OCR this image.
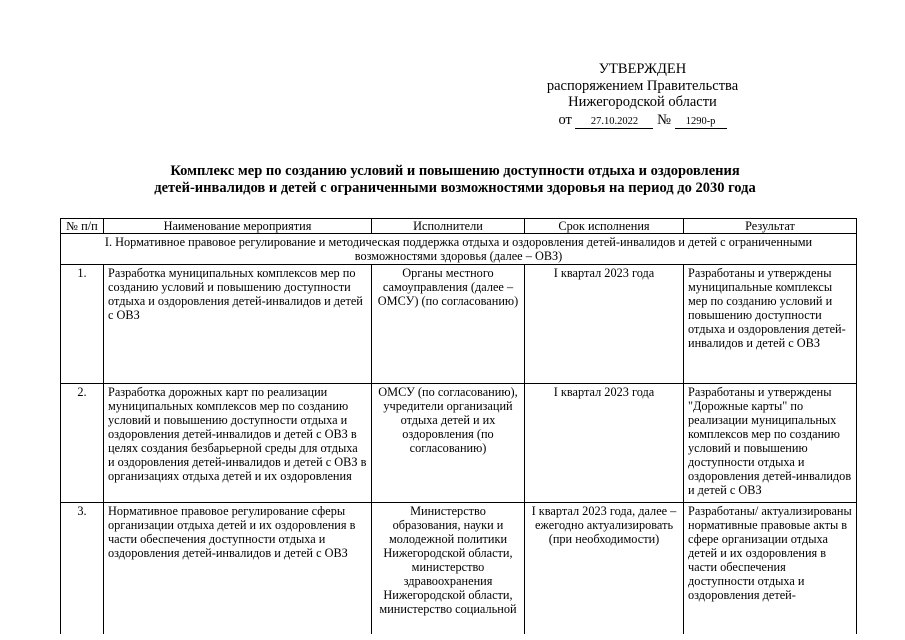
УТВЕРЖДЕН
распоряжением Правительства
Нижегородской области
от 27.10.2022 № 1290-р
Комплекс мер по созданию условий и повышению доступности отдыха и оздоровления
детей-инвалидов и детей с ограниченными возможностями здоровья на период до 2030 года
№ п/п	Наименование мероприятия	Исполнители	Срок исполнения	Результат
I. Нормативное правовое регулирование и методическая поддержка отдыха и оздоровления детей-инвалидов и детей с ограниченными возможностями здоровья (далее – ОВЗ)				
1.	Разработка муниципальных комплексов мер по созданию условий и повышению доступности отдыха и оздоровления детей-инвалидов и детей с ОВЗ	Органы местного самоуправления (далее – ОМСУ) (по согласованию)	I квартал 2023 года	Разработаны и утверждены муниципальные комплексы мер по созданию условий и повышению доступности отдыха и оздоровления детей-инвалидов и детей с ОВЗ
2.	Разработка дорожных карт по реализации муниципальных комплексов мер по созданию условий и повышению доступности отдыха и оздоровления детей-инвалидов и детей с ОВЗ в целях создания безбарьерной среды для отдыха и оздоровления детей-инвалидов и детей с ОВЗ в организациях отдыха детей и их оздоровления	ОМСУ (по согласованию), учредители организаций отдыха детей и их оздоровления (по согласованию)	I квартал 2023 года	Разработаны и утверждены "Дорожные карты" по реализации муниципальных комплексов мер по созданию условий и повышению доступности отдыха и оздоровления детей-инвалидов и детей с ОВЗ
3.	Нормативное правовое регулирование сферы организации отдыха детей и их оздоровления в части обеспечения доступности отдыха и оздоровления детей-инвалидов и детей с ОВЗ	Министерство образования, науки и молодежной политики Нижегородской области, министерство здравоохранения Нижегородской области, министерство социальной	I квартал 2023 года, далее – ежегодно актуализировать (при необходимости)	Разработаны/ актуализированы нормативные правовые акты в сфере организации отдыха детей и их оздоровления в части обеспечения доступности отдыха и оздоровления детей-
